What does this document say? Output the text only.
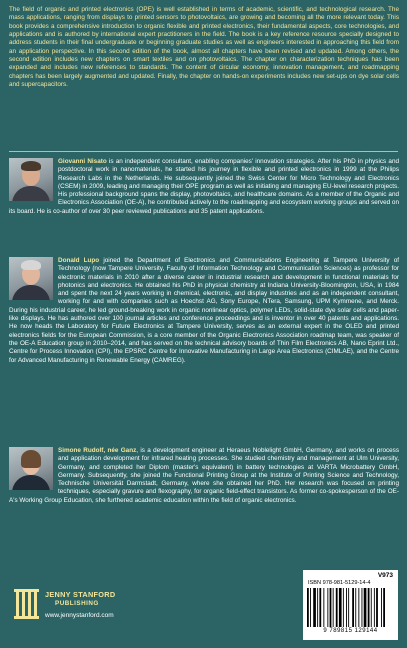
The field of organic and printed electronics (OPE) is well established in terms of academic, scientific, and technological research. The mass applications, ranging from displays to printed sensors to photovoltaics, are growing and becoming all the more relevant today. This book provides a comprehensive introduction to organic flexible and printed electronics, their fundamental aspects, core technologies, and applications and is authored by international expert practitioners in the field. The book is a key reference resource specially designed to address students in their final undergraduate or beginning graduate studies as well as engineers interested in approaching this field from an application perspective. In this second edition of the book, almost all chapters have been revised and updated. Among others, the second edition includes new chapters on smart textiles and on photovoltaics. The chapter on characterization techniques has been expanded and includes new references to standards. The content of circular economy, innovation management, and roadmapping chapters has been largely augmented and updated. Finally, the chapter on hands-on experiments includes new set-ups on dye solar cells and supercapacitors.

Giovanni Nisato is an independent consultant, enabling companies' innovation strategies. After his PhD in physics and postdoctoral work in nanomaterials, he started his journey in flexible and printed electronics in 1999 at the Philips Research Labs in the Netherlands. He subsequently joined the Swiss Center for Micro Technology and Electronics (CSEM) in 2009, leading and managing their OPE program as well as initiating and managing EU-level research projects. His professional background spans the display, photovoltaics, and healthcare domains. As a member of the Organic and Electronics Association (OE-A), he contributed actively to the roadmapping and ecosystem working groups and served on its board. He is co-author of over 30 peer reviewed publications and 35 patent applications.

Donald Lupo joined the Department of Electronics and Communications Engineering at Tampere University of Technology (now Tampere University, Faculty of Information Technology and Communication Sciences) as professor for electronic materials in 2010 after a diverse career in industrial research and development in functional materials for photonics and electronics. He obtained his PhD in physical chemistry at Indiana University-Bloomington, USA, in 1984 and spent the next 24 years working in chemical, electronic, and display industries and as an independent consultant, working for and with companies such as Hoechst AG, Sony Europe, NTera, Samsung, UPM Kymmene, and Merck. During his industrial career, he led ground-breaking work in organic nonlinear optics, polymer LEDs, solid-state dye solar cells and paper-like displays. He has authored over 100 journal articles and conference proceedings and is inventor in over 40 patents and applications. He now heads the Laboratory for Future Electronics at Tampere University, serves as an external expert in the OLED and printed electronics fields for the European Commission, is a core member of the Organic Electronics Association roadmap team, was speaker of the OE-A Education group in 2010–2014, and has served on the technical advisory boards of Thin Film Electronics AB, Nano Eprint Ltd., Centre for Process Innovation (CPI), the EPSRC Centre for Innovative Manufacturing in Large Area Electronics (CIMLAE), and the Centre for Advanced Manufacturing in Renewable Energy (CAMREG).

Simone Rudolf, née Ganz, is a development engineer at Heraeus Noblelight GmbH, Germany, and works on process and application development for infrared heating processes. She studied chemistry and management at Ulm University, Germany, and completed her Diplom (master's equivalent) in battery technologies at VARTA Microbattery GmbH, Germany. Subsequently, she joined the Functional Printing Group at the Institute of Printing Science and Technology, Technische Universität Darmstadt, Germany, where she obtained her PhD. Her research was focused on printing techniques, especially gravure and flexography, for organic field-effect transistors. As former co-spokesperson of the OE-A's Working Group Education, she furthered academic education within the field of organic electronics.

JENNY STANFORD
PUBLISHING
www.jennystanford.com
V973
ISBN 978-981-5129-14-4
9 789815 129144
